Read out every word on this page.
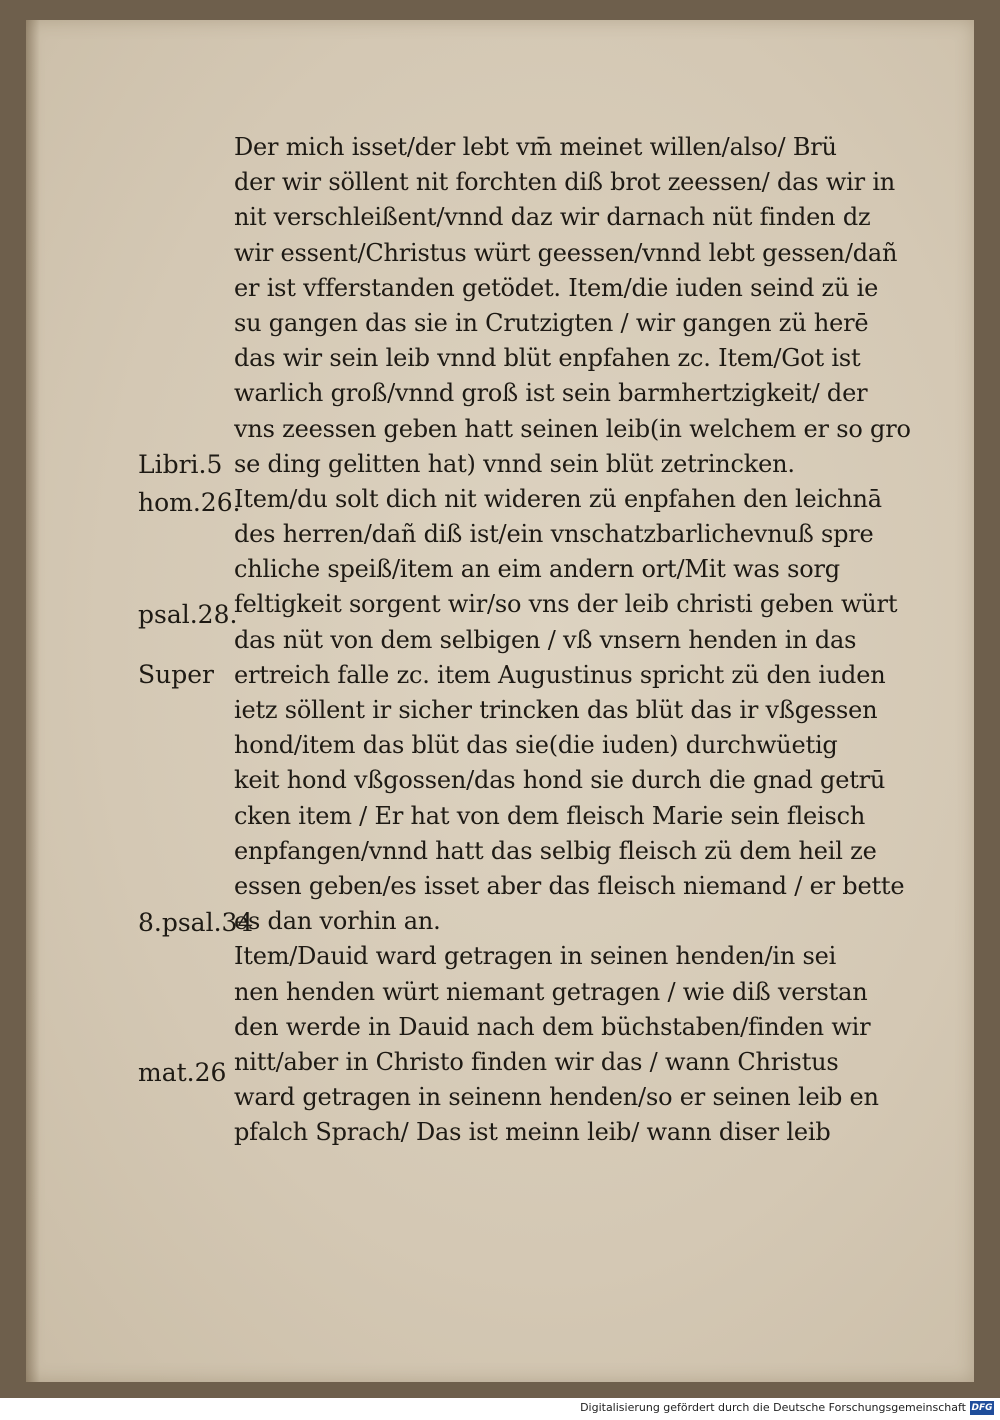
Der mich isset/der lebt vm̄ meinet willen/also/ Brü
der wir söllent nit forchten diß brot zeessen/ das wir in
nit verschleißent/vnnd daz wir darnach nüt finden dz
wir essent/Christus würt geessen/vnnd lebt gessen/dañ
er ist vfferstanden getödet. Item/die iuden seind zü ie
su gangen das sie in Crutzigten / wir gangen zü herē
das wir sein leib vnnd blüt enpfahen zc. Item/Got ist
warlich groß/vnnd groß ist sein barmhertzigkeit/ der
vns zeessen geben hatt seinen leib(in welchem er so gro
se ding gelitten hat) vnnd sein blüt zetrincken.
Item/du solt dich nit wideren zü enpfahen den leichnā
des herren/dañ diß ist/ein vnschatzbarlichevnuß spre
chliche speiß/item an eim andern ort/Mit was sorg
feltigkeit sorgent wir/so vns der leib christi geben würt
das nüt von dem selbigen / vß vnsern henden in das
ertreich falle zc. item Augustinus spricht zü den iuden
ietz söllent ir sicher trincken das blüt das ir vßgessen
hond/item das blüt das sie(die iuden) durchwüetig
keit hond vßgossen/das hond sie durch die gnad getrū
cken item / Er hat von dem fleisch Marie sein fleisch
enpfangen/vnnd hatt das selbig fleisch zü dem heil ze
essen geben/es isset aber das fleisch niemand / er bette
es dan vorhin an.
Item/Dauid ward getragen in seinen henden/in sei
nen henden würt niemant getragen / wie diß verstan
den werde in Dauid nach dem büchstaben/finden wir
nitt/aber in Christo finden wir das / wann Christus
ward getragen in seinenn henden/so er seinen leib en
pfalch Sprach/ Das ist meinn leib/ wann diser leib
Libri.5
hom.26.
psal.28.
Super
8.psal.34
mat.26
Digitalisierung gefördert durch die Deutsche Forschungsgemeinschaft DFG
